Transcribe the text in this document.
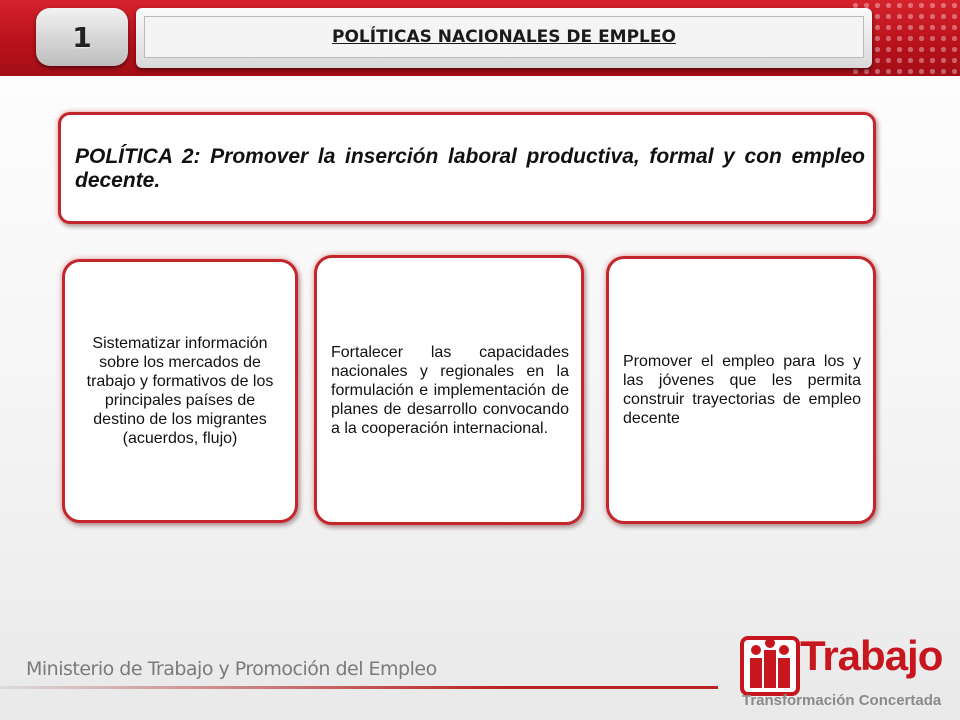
1	POLÍTICAS NACIONALES DE EMPLEO

POLÍTICA 2: Promover la inserción laboral productiva, formal y con empleo decente.

Sistematizar información sobre los mercados de trabajo y formativos de los principales países de destino de los migrantes (acuerdos, flujo)

Fortalecer las capacidades nacionales y regionales en la formulación e implementación de planes de desarrollo convocando a la cooperación internacional.

Promover el empleo para los y las jóvenes que les permita construir trayectorias de empleo decente

Ministerio de Trabajo y Promoción del Empleo	Trabajo
Transformación Concertada
